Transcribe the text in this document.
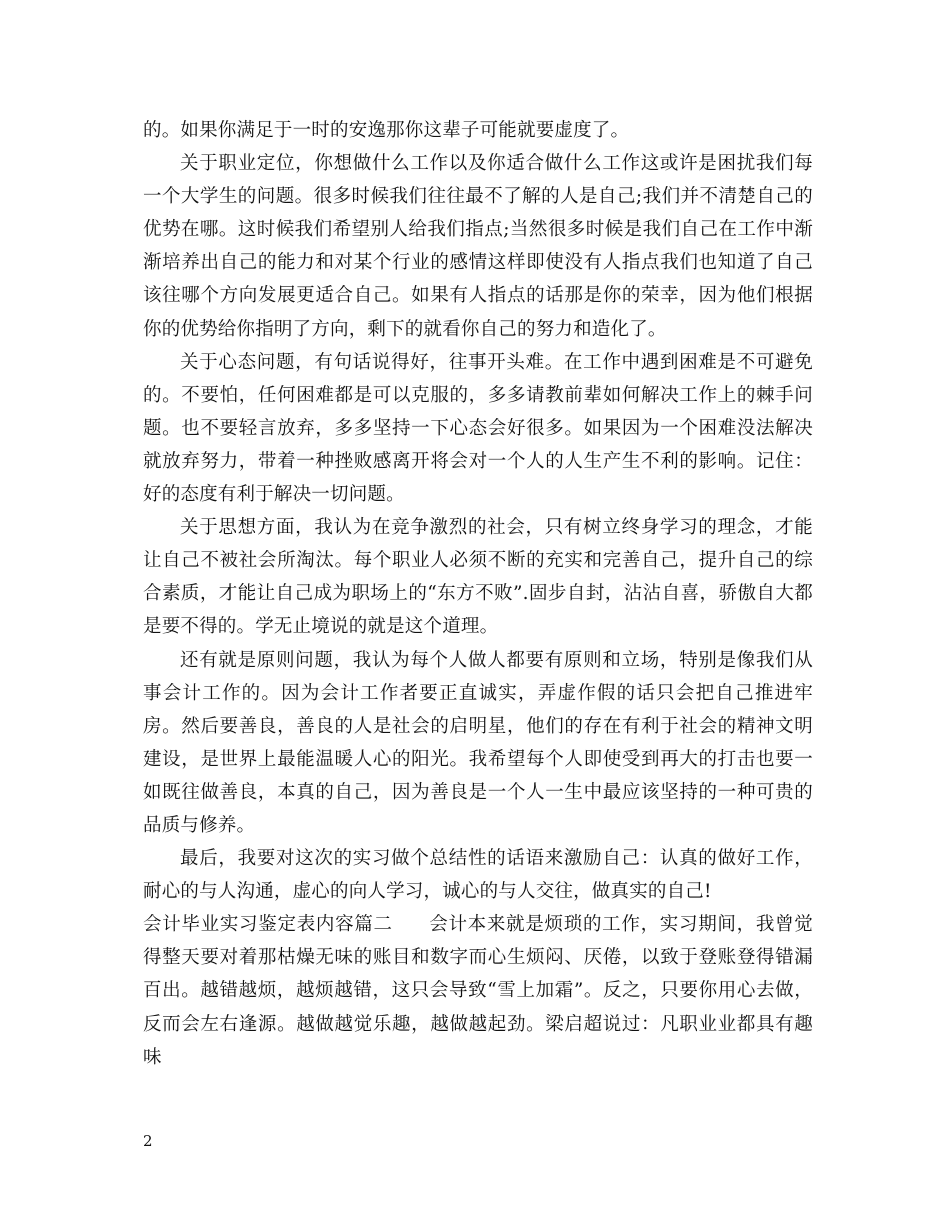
的。如果你满足于一时的安逸那你这辈子可能就要虚度了。

关于职业定位，你想做什么工作以及你适合做什么工作这或许是困扰我们每一个大学生的问题。很多时候我们往往最不了解的人是自己;我们并不清楚自己的优势在哪。这时候我们希望别人给我们指点;当然很多时候是我们自己在工作中渐渐培养出自己的能力和对某个行业的感情这样即使没有人指点我们也知道了自己该往哪个方向发展更适合自己。如果有人指点的话那是你的荣幸，因为他们根据你的优势给你指明了方向，剩下的就看你自己的努力和造化了。

关于心态问题，有句话说得好，往事开头难。在工作中遇到困难是不可避免的。不要怕，任何困难都是可以克服的，多多请教前辈如何解决工作上的棘手问题。也不要轻言放弃，多多坚持一下心态会好很多。如果因为一个困难没法解决就放弃努力，带着一种挫败感离开将会对一个人的人生产生不利的影响。记住：好的态度有利于解决一切问题。

关于思想方面，我认为在竞争激烈的社会，只有树立终身学习的理念，才能让自己不被社会所淘汰。每个职业人必须不断的充实和完善自己，提升自己的综合素质，才能让自己成为职场上的“东方不败”.固步自封，沾沾自喜，骄傲自大都是要不得的。学无止境说的就是这个道理。

还有就是原则问题，我认为每个人做人都要有原则和立场，特别是像我们从事会计工作的。因为会计工作者要正直诚实，弄虚作假的话只会把自己推进牢房。然后要善良，善良的人是社会的启明星，他们的存在有利于社会的精神文明建设，是世界上最能温暖人心的阳光。我希望每个人即使受到再大的打击也要一如既往做善良，本真的自己，因为善良是一个人一生中最应该坚持的一种可贵的品质与修养。

最后，我要对这次的实习做个总结性的话语来激励自己：认真的做好工作，耐心的与人沟通，虚心的向人学习，诚心的与人交往，做真实的自己!

会计毕业实习鉴定表内容篇二 会计本来就是烦琐的工作，实习期间，我曾觉得整天要对着那枯燥无味的账目和数字而心生烦闷、厌倦，以致于登账登得错漏百出。越错越烦，越烦越错，这只会导致“雪上加霜”。反之，只要你用心去做，反而会左右逢源。越做越觉乐趣，越做越起劲。梁启超说过：凡职业业都具有趣味

2
